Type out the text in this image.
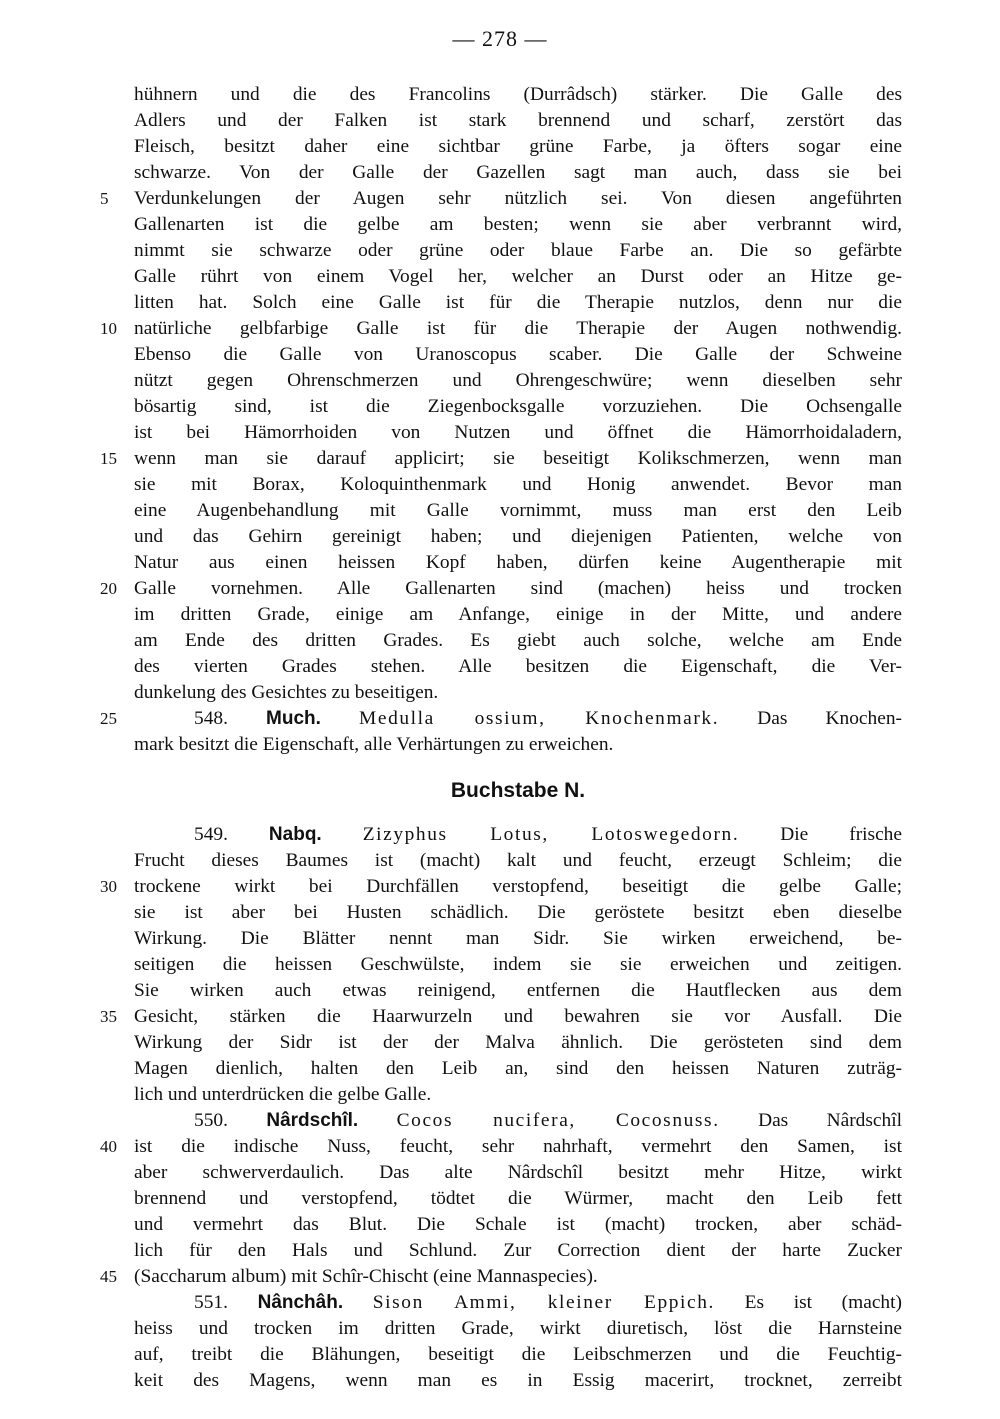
— 278 —
hühnern und die des Francolins (Durrâdsch) stärker. Die Galle des
Adlers und der Falken ist stark brennend und scharf, zerstört das
Fleisch, besitzt daher eine sichtbar grüne Farbe, ja öfters sogar eine
schwarze. Von der Galle der Gazellen sagt man auch, dass sie bei
5	Verdunkelungen der Augen sehr nützlich sei. Von diesen angeführten
Gallenarten ist die gelbe am besten; wenn sie aber verbrannt wird,
nimmt sie schwarze oder grüne oder blaue Farbe an. Die so gefärbte
Galle rührt von einem Vogel her, welcher an Durst oder an Hitze ge-
litten hat. Solch eine Galle ist für die Therapie nutzlos, denn nur die
10 natürliche gelbfarbige Galle ist für die Therapie der Augen nothwendig.
Ebenso die Galle von Uranoscopus scaber. Die Galle der Schweine
nützt gegen Ohrenschmerzen und Ohrengeschwüre; wenn dieselben sehr
bösartig sind, ist die Ziegenbocksgalle vorzuziehen. Die Ochsengalle
ist bei Hämorrhoiden von Nutzen und öffnet die Hämorrhoidaladern,
15 wenn man sie darauf applicirt; sie beseitigt Kolikschmerzen, wenn man
sie mit Borax, Koloquinthenmark und Honig anwendet. Bevor man
eine Augenbehandlung mit Galle vornimmt, muss man erst den Leib
und das Gehirn gereinigt haben; und diejenigen Patienten, welche von
Natur aus einen heissen Kopf haben, dürfen keine Augentherapie mit
20 Galle vornehmen. Alle Gallenarten sind (machen) heiss und trocken
im dritten Grade, einige am Anfange, einige in der Mitte, und andere
am Ende des dritten Grades. Es giebt auch solche, welche am Ende
des vierten Grades stehen. Alle besitzen die Eigenschaft, die Ver-
dunkelung des Gesichtes zu beseitigen.
25	548. Much. Medulla ossium, Knochenmark. Das Knochen-
mark besitzt die Eigenschaft, alle Verhärtungen zu erweichen.
Buchstabe N.
549. Nabq. Zizyphus Lotus, Lotoswegedorn. Die frische
Frucht dieses Baumes ist (macht) kalt und feucht, erzeugt Schleim; die
30 trockene wirkt bei Durchfällen verstopfend, beseitigt die gelbe Galle;
sie ist aber bei Husten schädlich. Die geröstete besitzt eben dieselbe
Wirkung. Die Blätter nennt man Sidr. Sie wirken erweichend, be-
seitigen die heissen Geschwülste, indem sie sie erweichen und zeitigen.
Sie wirken auch etwas reinigend, entfernen die Hautflecken aus dem
35 Gesicht, stärken die Haarwurzeln und bewahren sie vor Ausfall. Die
Wirkung der Sidr ist der der Malva ähnlich. Die gerösteten sind dem
Magen dienlich, halten den Leib an, sind den heissen Naturen zuträg-
lich und unterdrücken die gelbe Galle.
550. Nârdschîl. Cocos nucifera, Cocosnuss. Das Nârdschîl
40 ist die indische Nuss, feucht, sehr nahrhaft, vermehrt den Samen, ist
aber schwerverdaulich. Das alte Nârdschîl besitzt mehr Hitze, wirkt
brennend und verstopfend, tödtet die Würmer, macht den Leib fett
und vermehrt das Blut. Die Schale ist (macht) trocken, aber schäd-
lich für den Hals und Schlund. Zur Correction dient der harte Zucker
45 (Saccharum album) mit Schîr-Chischt (eine Mannaspecies).
551. Nânchâh. Sison Ammi, kleiner Eppich. Es ist (macht)
heiss und trocken im dritten Grade, wirkt diuretisch, löst die Harnsteine
auf, treibt die Blähungen, beseitigt die Leibschmerzen und die Feuchtig-
keit des Magens, wenn man es in Essig macerirt, trocknet, zerreibt
